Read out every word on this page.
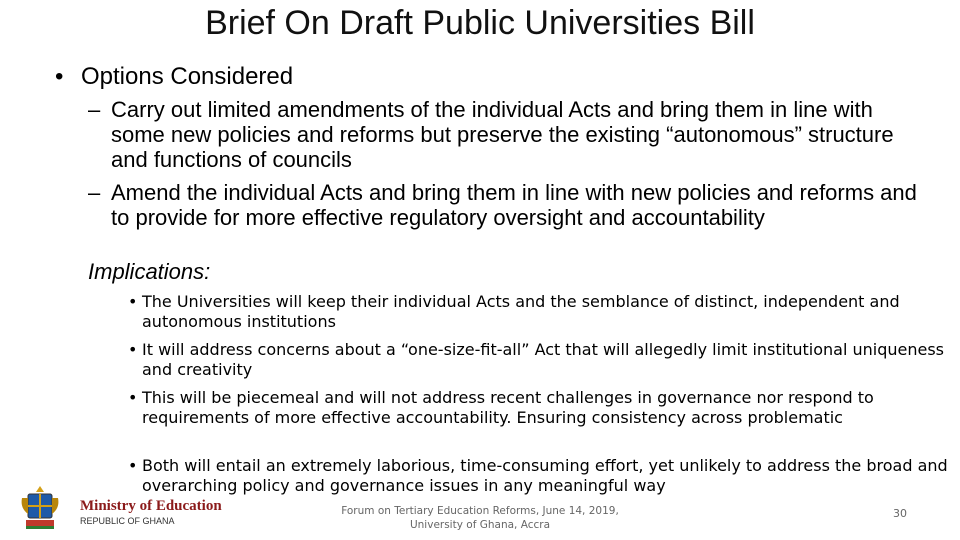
Brief On Draft Public Universities Bill
• Options Considered
– Carry out limited amendments of the individual Acts and bring them in line with some new policies and reforms but preserve the existing “autonomous” structure and functions of councils
– Amend the individual Acts and bring them in line with new policies and reforms and to provide for more effective regulatory oversight and accountability
Implications:
• The Universities will keep their individual Acts and the semblance of distinct, independent and autonomous institutions
• It will address concerns about a “one-size-fit-all” Act that will allegedly limit institutional uniqueness and creativity
• This will be piecemeal and will not address recent challenges in governance nor respond to requirements of more effective accountability. Ensuring consistency across problematic
• Both will entail an extremely laborious, time-consuming effort, yet unlikely to address the broad and overarching policy and governance issues in any meaningful way
Ministry of Education
REPUBLIC OF GHANA
Forum on Tertiary Education Reforms, June 14, 2019,
University of Ghana, Accra
30
